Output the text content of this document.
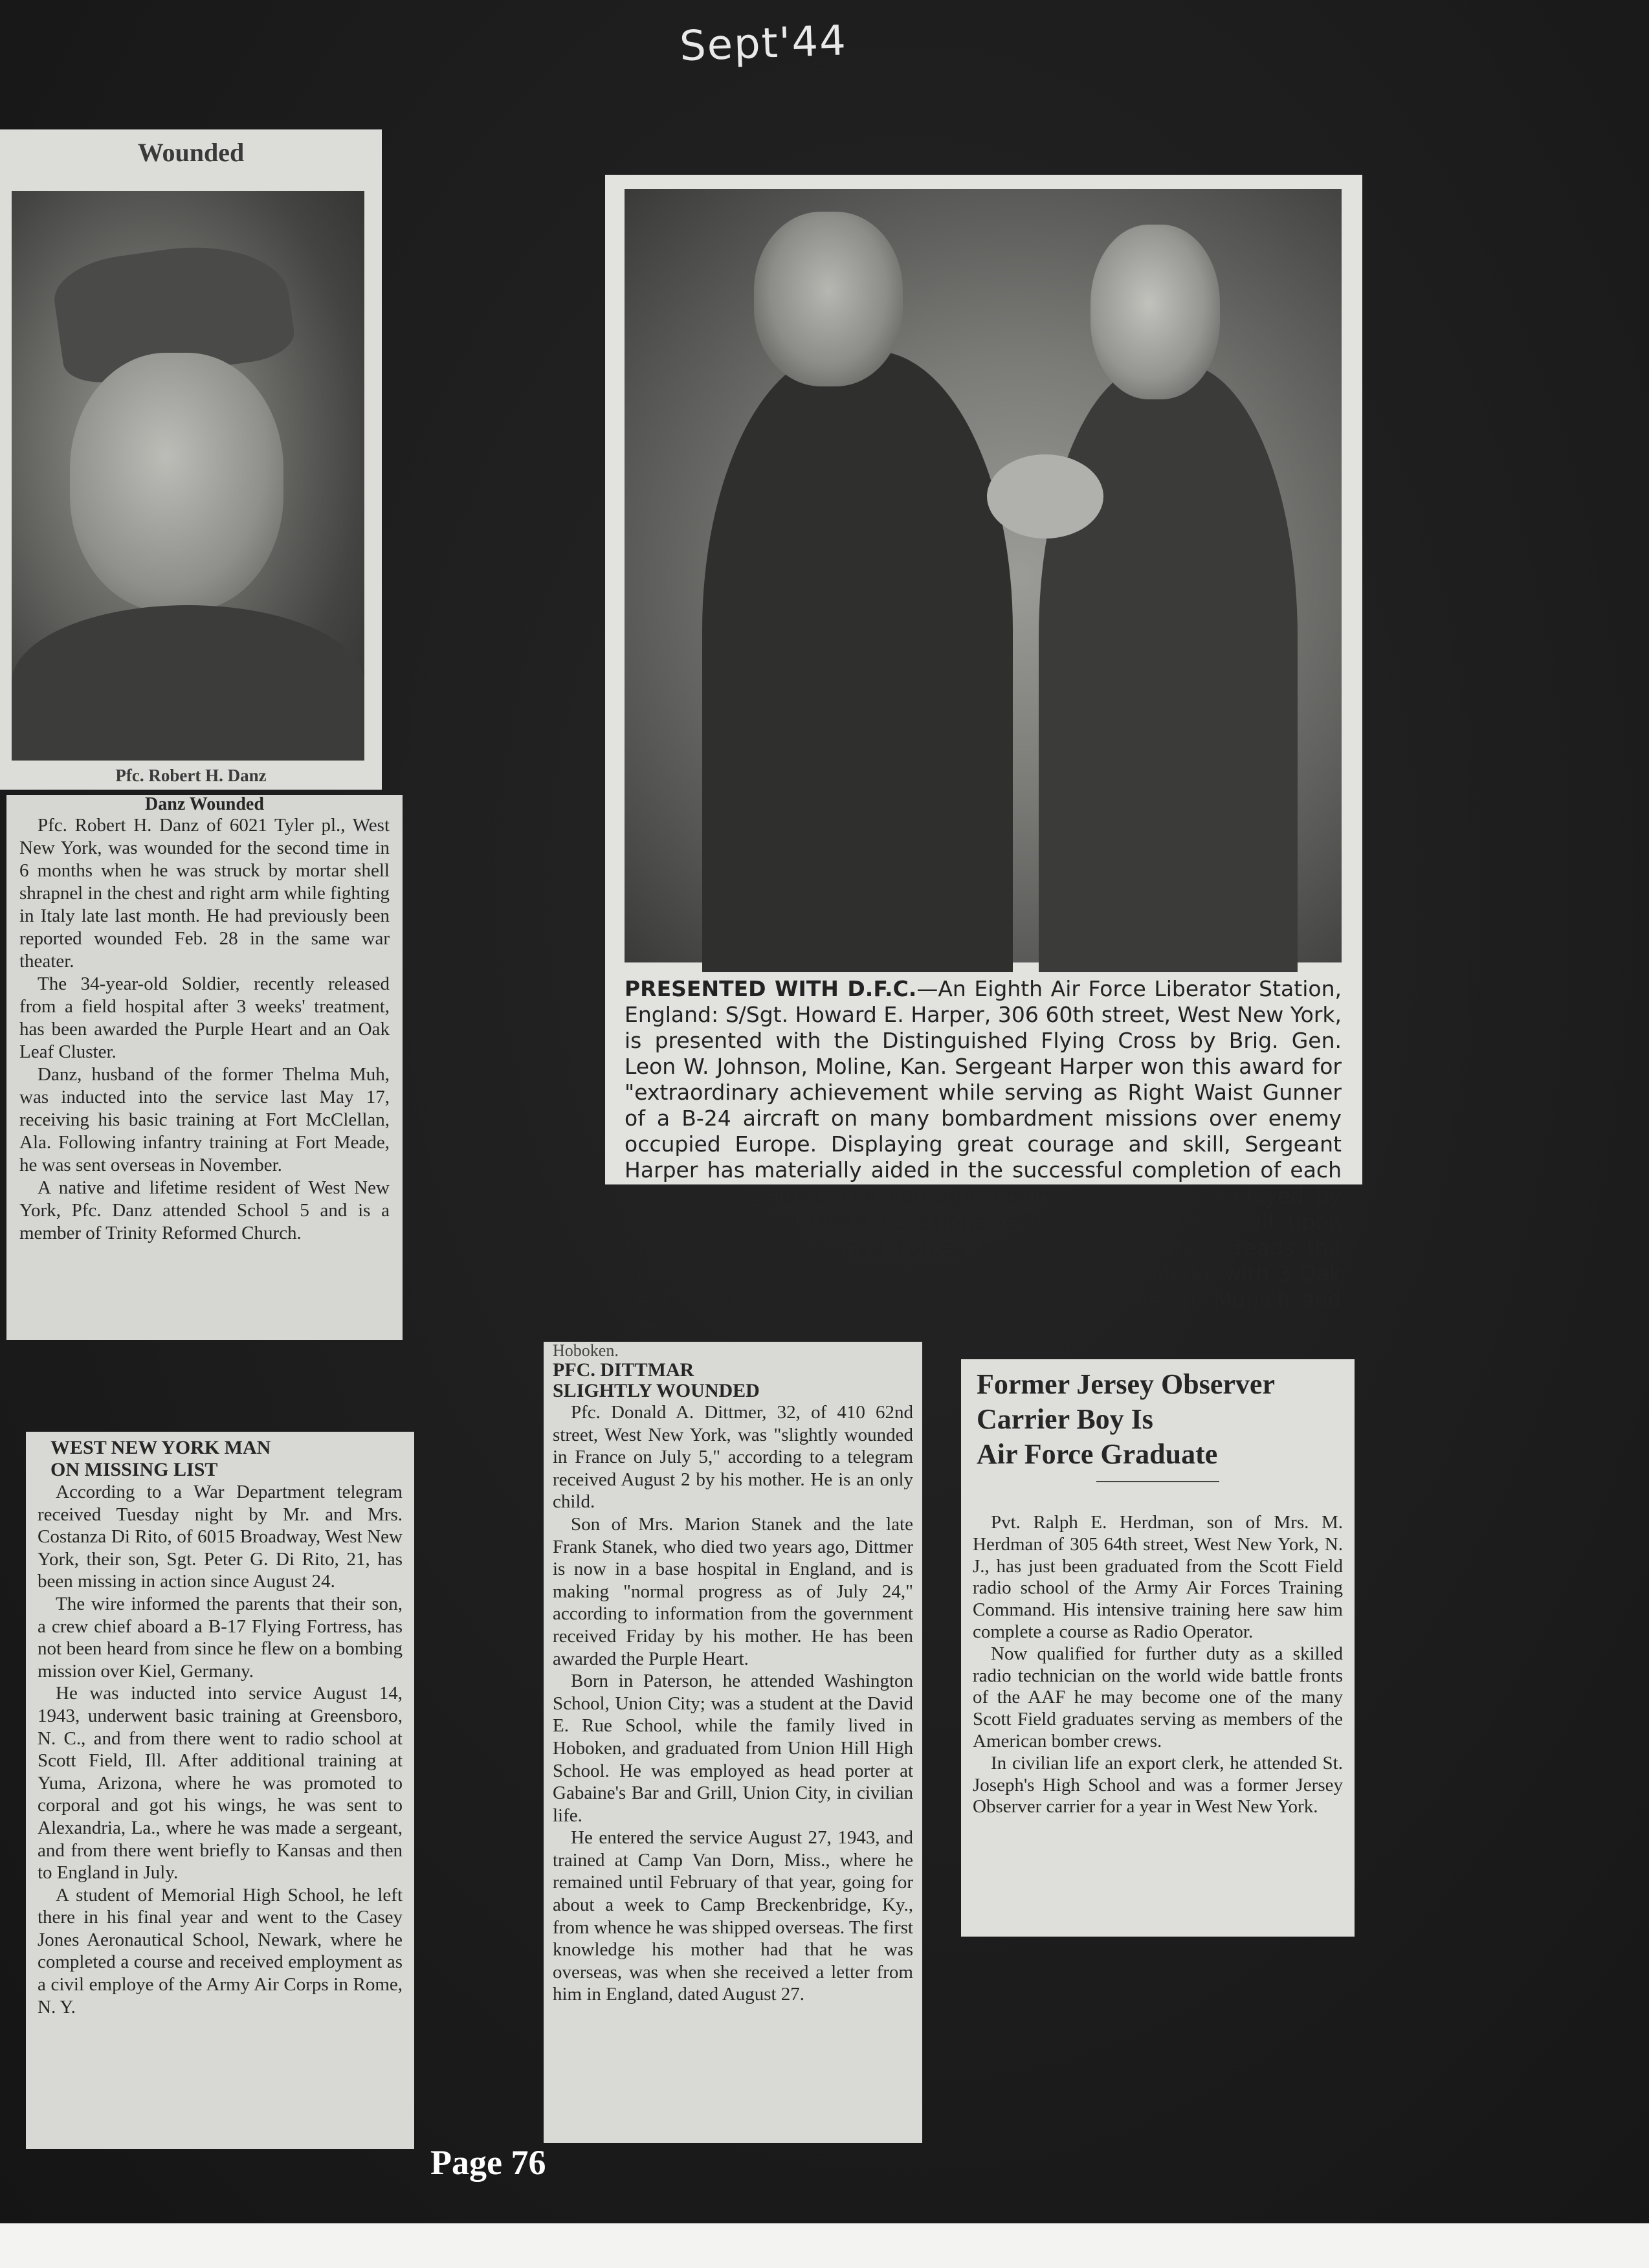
Sept'44
Wounded
Pfc. Robert H. Danz
Danz Wounded

Pfc. Robert H. Danz of 6021 Tyler pl., West New York, was wounded for the second time in 6 months when he was struck by mortar shell shrapnel in the chest and right arm while fighting in Italy late last month. He had previously been reported wounded Feb. 28 in the same war theater.

The 34-year-old Soldier, recently released from a field hospital after 3 weeks' treatment, has been awarded the Purple Heart and an Oak Leaf Cluster.

Danz, husband of the former Thelma Muh, was inducted into the service last May 17, receiving his basic training at Fort McClellan, Ala. Following infantry training at Fort Meade, he was sent overseas in November.

A native and lifetime resident of West New York, Pfc. Danz attended School 5 and is a member of Trinity Reformed Church.

PRESENTED WITH D.F.C.—An Eighth Air Force Liberator Station, England: S/Sgt. Howard E. Harper, 306 60th street, West New York, is presented with the Distinguished Flying Cross by Brig. Gen. Leon W. Johnson, Moline, Kan. Sergeant Harper won this award for "extraordinary achievement while serving as Right Waist Gunner of a B-24 aircraft on many bombardment missions over enemy occupied Europe. Displaying great courage and skill, Sergeant Harper has materially aided in the successful completion of each of these missions. The courage, coolness and skill displayed by this man on all these occasions reflect the highest credit upon himself and the Armed Forces of the United States", reads the citation. Sergeant Harper, who also hold the Air Medal with 3 Oak Leaf Clusters, has participated in raids upon Berlin, Munich and Kiel.
WEST NEW YORK MAN
ON MISSING LIST

According to a War Department telegram received Tuesday night by Mr. and Mrs. Costanza Di Rito, of 6015 Broadway, West New York, their son, Sgt. Peter G. Di Rito, 21, has been missing in action since August 24.

The wire informed the parents that their son, a crew chief aboard a B-17 Flying Fortress, has not been heard from since he flew on a bombing mission over Kiel, Germany.

He was inducted into service August 14, 1943, underwent basic training at Greensboro, N. C., and from there went to radio school at Scott Field, Ill. After additional training at Yuma, Arizona, where he was promoted to corporal and got his wings, he was sent to Alexandria, La., where he was made a sergeant, and from there went briefly to Kansas and then to England in July.

A student of Memorial High School, he left there in his final year and went to the Casey Jones Aeronautical School, Newark, where he completed a course and received employment as a civil employe of the Army Air Corps in Rome, N. Y.

Hoboken.
PFC. DITTMAR
SLIGHTLY WOUNDED

Pfc. Donald A. Dittmer, 32, of 410 62nd street, West New York, was "slightly wounded in France on July 5," according to a telegram received August 2 by his mother. He is an only child.

Son of Mrs. Marion Stanek and the late Frank Stanek, who died two years ago, Dittmer is now in a base hospital in England, and is making "normal progress as of July 24," according to information from the government received Friday by his mother. He has been awarded the Purple Heart.

Born in Paterson, he attended Washington School, Union City; was a student at the David E. Rue School, while the family lived in Hoboken, and graduated from Union Hill High School. He was employed as head porter at Gabaine's Bar and Grill, Union City, in civilian life.

He entered the service August 27, 1943, and trained at Camp Van Dorn, Miss., where he remained until February of that year, going for about a week to Camp Breckenbridge, Ky., from whence he was shipped overseas. The first knowledge his mother had that he was overseas, was when she received a letter from him in England, dated August 27.

Former Jersey Observer
Carrier Boy Is
Air Force Graduate

Pvt. Ralph E. Herdman, son of Mrs. M. Herdman of 305 64th street, West New York, N. J., has just been graduated from the Scott Field radio school of the Army Air Forces Training Command. His intensive training here saw him complete a course as Radio Operator.

Now qualified for further duty as a skilled radio technician on the world wide battle fronts of the AAF he may become one of the many Scott Field graduates serving as members of the American bomber crews.

In civilian life an export clerk, he attended St. Joseph's High School and was a former Jersey Observer carrier for a year in West New York.

Page 76
